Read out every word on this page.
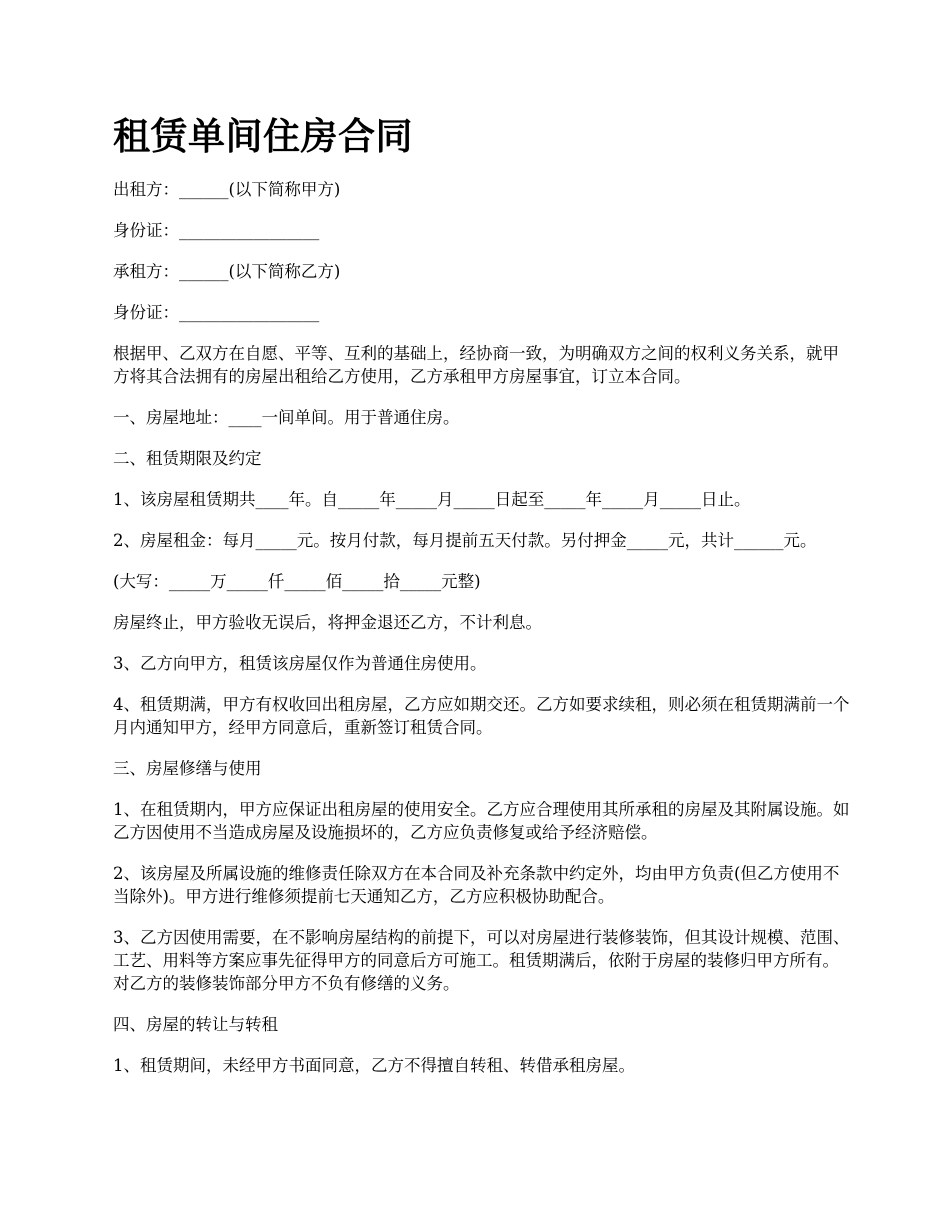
租赁单间住房合同

出租方：______(以下简称甲方)

身份证：_________________

承租方：______(以下简称乙方)

身份证：_________________

根据甲、乙双方在自愿、平等、互利的基础上，经协商一致，为明确双方之间的权利义务关系，就甲方将其合法拥有的房屋出租给乙方使用，乙方承租甲方房屋事宜，订立本合同。

一、房屋地址：____一间单间。用于普通住房。

二、租赁期限及约定

1、该房屋租赁期共____年。自_____年_____月_____日起至_____年_____月_____日止。

2、房屋租金：每月_____元。按月付款，每月提前五天付款。另付押金_____元，共计______元。

(大写：_____万_____仟_____佰_____拾_____元整)

房屋终止，甲方验收无误后，将押金退还乙方，不计利息。

3、乙方向甲方，租赁该房屋仅作为普通住房使用。

4、租赁期满，甲方有权收回出租房屋，乙方应如期交还。乙方如要求续租，则必须在租赁期满前一个月内通知甲方，经甲方同意后，重新签订租赁合同。

三、房屋修缮与使用

1、在租赁期内，甲方应保证出租房屋的使用安全。乙方应合理使用其所承租的房屋及其附属设施。如乙方因使用不当造成房屋及设施损坏的，乙方应负责修复或给予经济赔偿。

2、该房屋及所属设施的维修责任除双方在本合同及补充条款中约定外，均由甲方负责(但乙方使用不当除外)。甲方进行维修须提前七天通知乙方，乙方应积极协助配合。

3、乙方因使用需要，在不影响房屋结构的前提下，可以对房屋进行装修装饰，但其设计规模、范围、工艺、用料等方案应事先征得甲方的同意后方可施工。租赁期满后，依附于房屋的装修归甲方所有。对乙方的装修装饰部分甲方不负有修缮的义务。

四、房屋的转让与转租

1、租赁期间，未经甲方书面同意，乙方不得擅自转租、转借承租房屋。
